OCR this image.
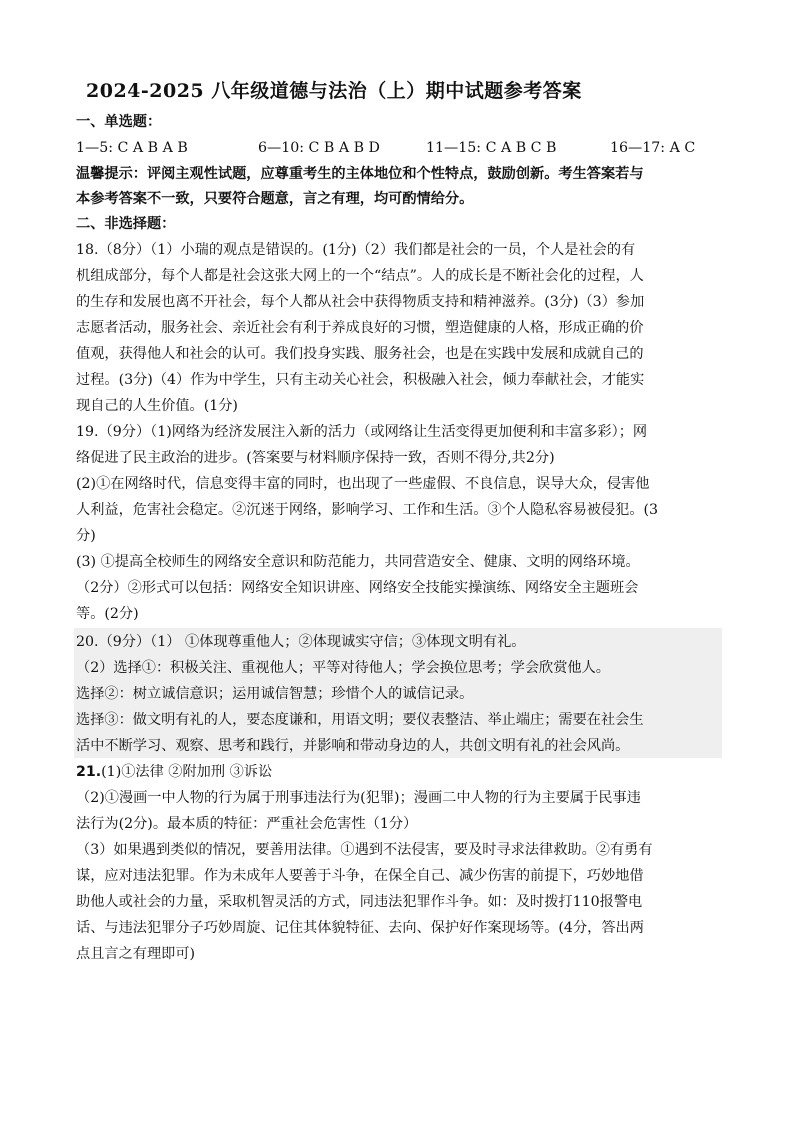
2024-2025 八年级道德与法治（上）期中试题参考答案
一、单选题：
1—5: C A B A B	6—10: C B A B D	11—15: C A B C B	16—17: A C
温馨提示：评阅主观性试题，应尊重考生的主体地位和个性特点，鼓励创新。考生答案若与
本参考答案不一致，只要符合题意，言之有理，均可酌情给分。
二、非选择题：
18.（8分）（1）小瑞的观点是错误的。(1分)（2）我们都是社会的一员，个人是社会的有
机组成部分，每个人都是社会这张大网上的一个“结点”。人的成长是不断社会化的过程，人
的生存和发展也离不开社会，每个人都从社会中获得物质支持和精神滋养。(3分)（3）参加
志愿者活动，服务社会、亲近社会有利于养成良好的习惯，塑造健康的人格，形成正确的价
值观，获得他人和社会的认可。我们投身实践、服务社会，也是在实践中发展和成就自己的
过程。(3分)（4）作为中学生，只有主动关心社会，积极融入社会，倾力奉献社会，才能实
现自己的人生价值。(1分)
19.（9分）（1)网络为经济发展注入新的活力（或网络让生活变得更加便利和丰富多彩）；网
络促进了民主政治的进步。(答案要与材料顺序保持一致，否则不得分,共2分)
(2)①在网络时代，信息变得丰富的同时，也出现了一些虚假、不良信息，误导大众，侵害他
人利益，危害社会稳定。②沉迷于网络，影响学习、工作和生活。③个人隐私容易被侵犯。(3
分)
(3) ①提高全校师生的网络安全意识和防范能力，共同营造安全、健康、文明的网络环境。
（2分）②形式可以包括：网络安全知识讲座、网络安全技能实操演练、网络安全主题班会
等。(2分)
20.（9分）（1） ①体现尊重他人；②体现诚实守信；③体现文明有礼。
（2）选择①：积极关注、重视他人；平等对待他人；学会换位思考；学会欣赏他人。
选择②：树立诚信意识；运用诚信智慧；珍惜个人的诚信记录。
选择③：做文明有礼的人，要态度谦和，用语文明；要仪表整洁、举止端庄；需要在社会生
活中不断学习、观察、思考和践行，并影响和带动身边的人，共创文明有礼的社会风尚。
21.(1)①法律 ②附加刑 ③诉讼
（2)①漫画一中人物的行为属于刑事违法行为(犯罪)；漫画二中人物的行为主要属于民事违
法行为(2分)。最本质的特征：严重社会危害性（1分）
（3）如果遇到类似的情况，要善用法律。①遇到不法侵害，要及时寻求法律救助。②有勇有
谋，应对违法犯罪。作为未成年人要善于斗争，在保全自己、减少伤害的前提下，巧妙地借
助他人或社会的力量，采取机智灵活的方式，同违法犯罪作斗争。如：及时拨打110报警电
话、与违法犯罪分子巧妙周旋、记住其体貌特征、去向、保护好作案现场等。(4分，答出两
点且言之有理即可)
